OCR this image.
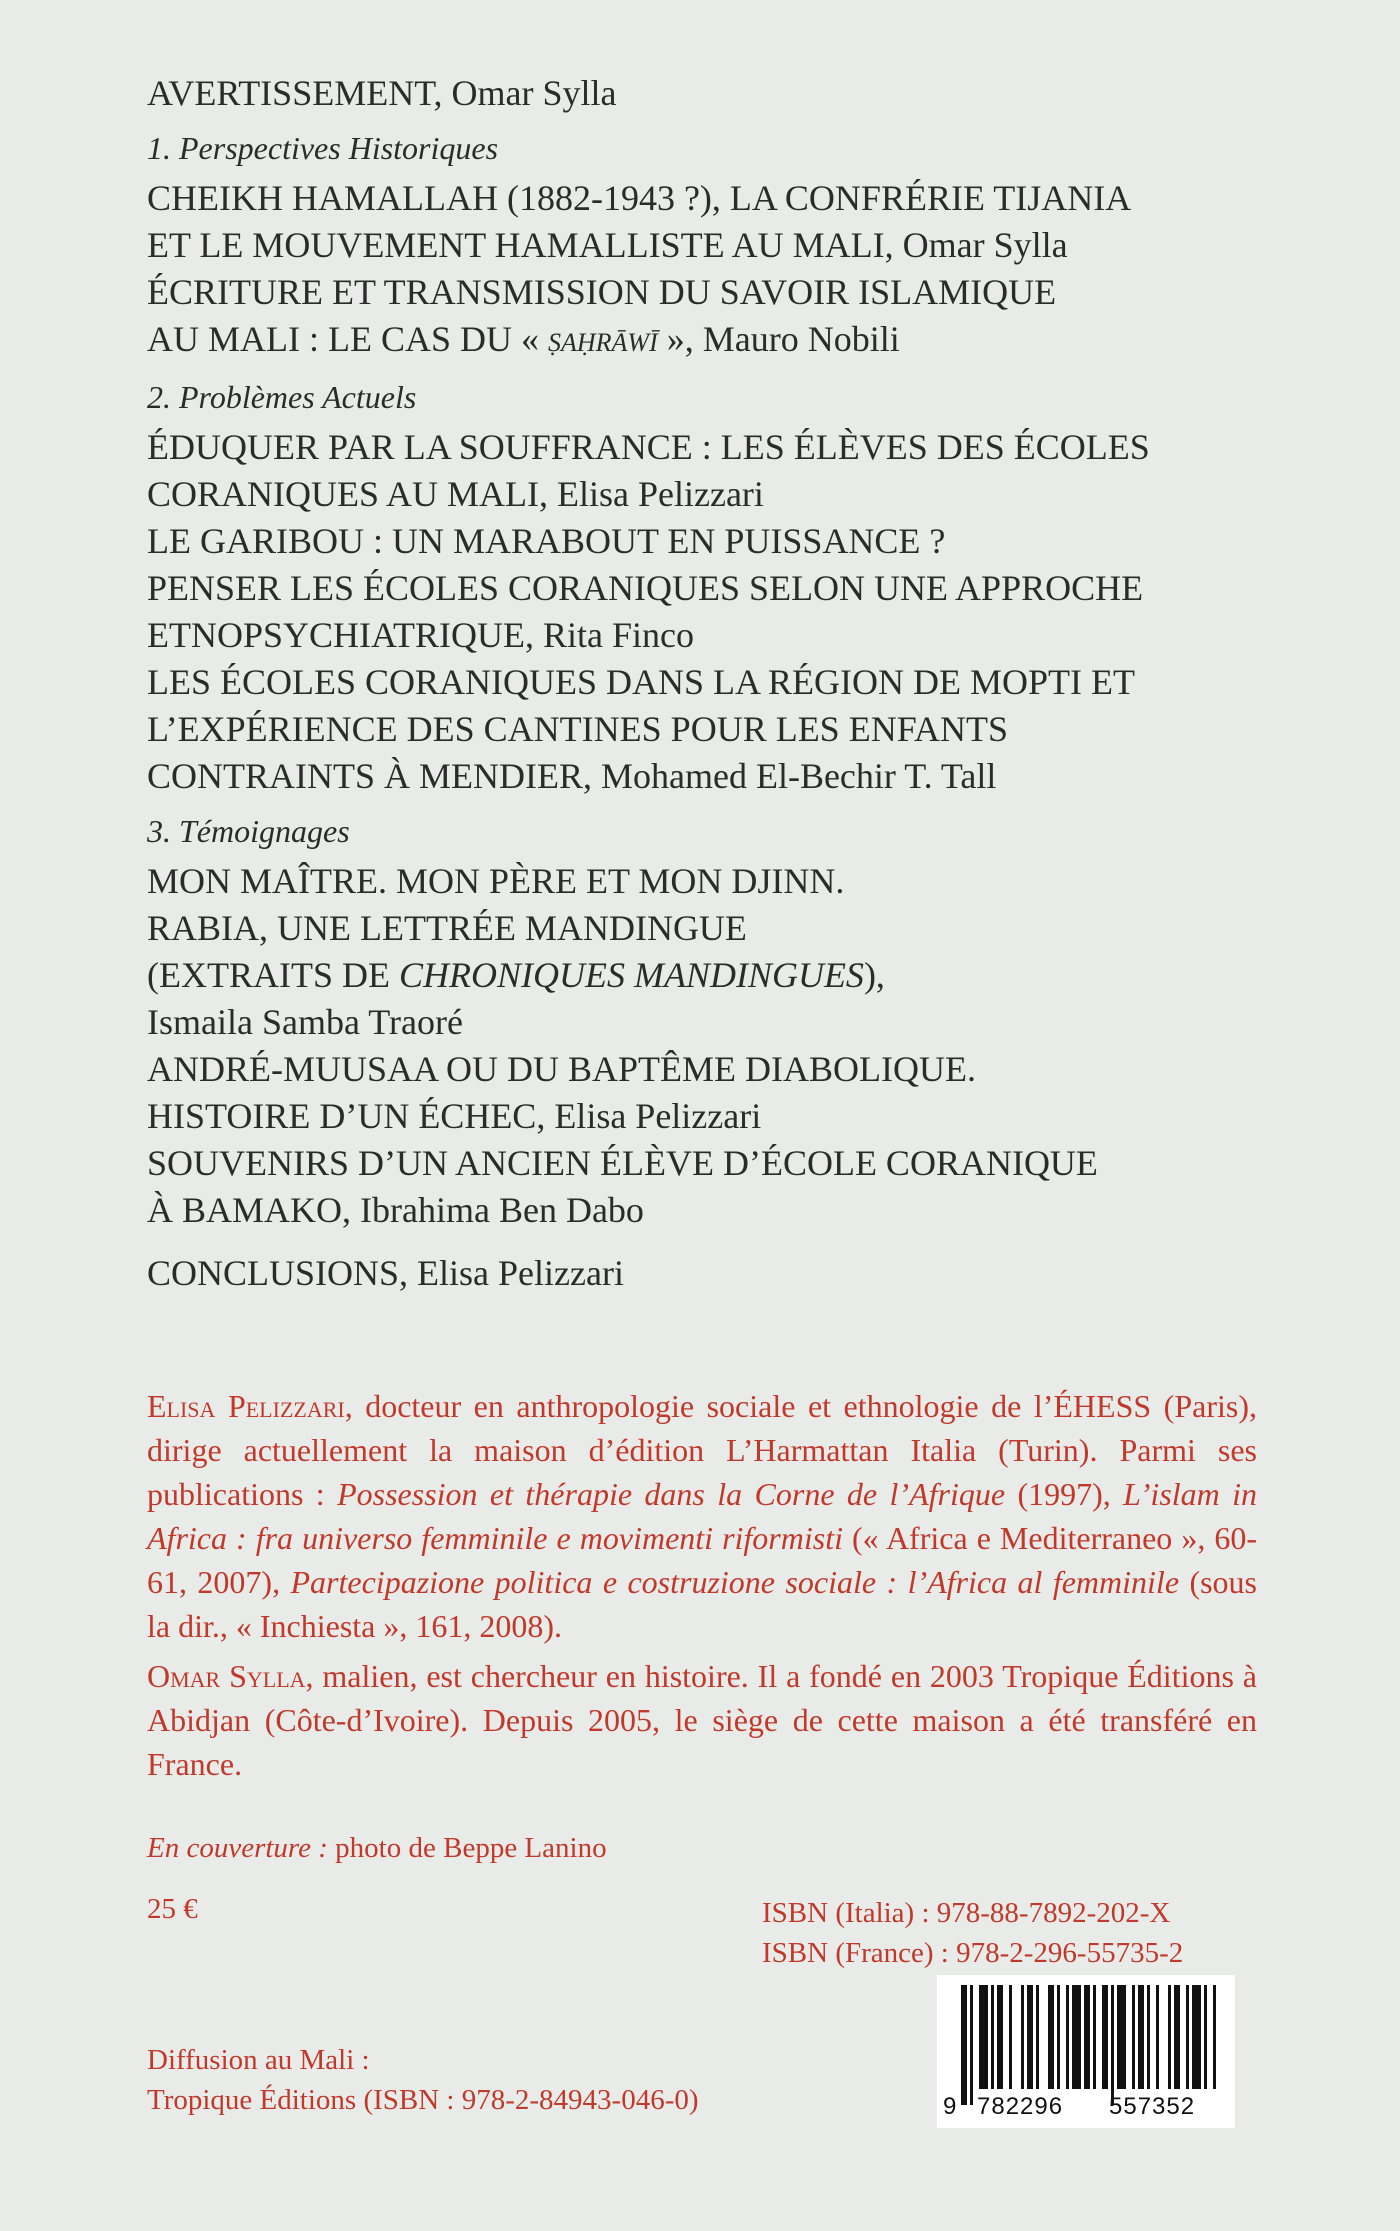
AVERTISSEMENT, Omar Sylla
1. Perspectives Historiques
CHEIKH HAMALLAH (1882-1943 ?), LA CONFRÉRIE TIJANIA
ET LE MOUVEMENT HAMALLISTE AU MALI, Omar Sylla
ÉCRITURE ET TRANSMISSION DU SAVOIR ISLAMIQUE
AU MALI : LE CAS DU « ṢAḤRĀWĪ », Mauro Nobili
2. Problèmes Actuels
ÉDUQUER PAR LA SOUFFRANCE : LES ÉLÈVES DES ÉCOLES
CORANIQUES AU MALI, Elisa Pelizzari
LE GARIBOU : UN MARABOUT EN PUISSANCE ?
PENSER LES ÉCOLES CORANIQUES SELON UNE APPROCHE
ETNOPSYCHIATRIQUE, Rita Finco
LES ÉCOLES CORANIQUES DANS LA RÉGION DE MOPTI ET
L’EXPÉRIENCE DES CANTINES POUR LES ENFANTS
CONTRAINTS À MENDIER, Mohamed El-Bechir T. Tall
3. Témoignages
MON MAÎTRE. MON PÈRE ET MON DJINN.
RABIA, UNE LETTRÉE MANDINGUE
(EXTRAITS DE CHRONIQUES MANDINGUES),
Ismaila Samba Traoré
ANDRÉ-MUUSAA OU DU BAPTÊME DIABOLIQUE.
HISTOIRE D’UN ÉCHEC, Elisa Pelizzari
SOUVENIRS D’UN ANCIEN ÉLÈVE D’ÉCOLE CORANIQUE
À BAMAKO, Ibrahima Ben Dabo
CONCLUSIONS, Elisa Pelizzari
Elisa Pelizzari, docteur en anthropologie sociale et ethnologie de l’ÉHESS (Paris), dirige actuellement la maison d’édition L’Harmattan Italia (Turin). Parmi ses publications : Possession et thérapie dans la Corne de l’Afrique (1997), L’islam in Africa : fra universo femminile e movimenti riformisti (« Africa e Mediterraneo », 60-61, 2007), Partecipazione politica e costruzione sociale : l’Africa al femminile (sous la dir., « Inchiesta », 161, 2008).
Omar Sylla, malien, est chercheur en histoire. Il a fondé en 2003 Tropique Éditions à Abidjan (Côte-d’Ivoire). Depuis 2005, le siège de cette maison a été transféré en France.
En couverture : photo de Beppe Lanino
25 €	ISBN (Italia) : 978-88-7892-202-X
ISBN (France) : 978-2-296-55735-2
9 782296 557352
Diffusion au Mali :
Tropique Éditions (ISBN : 978-2-84943-046-0)
